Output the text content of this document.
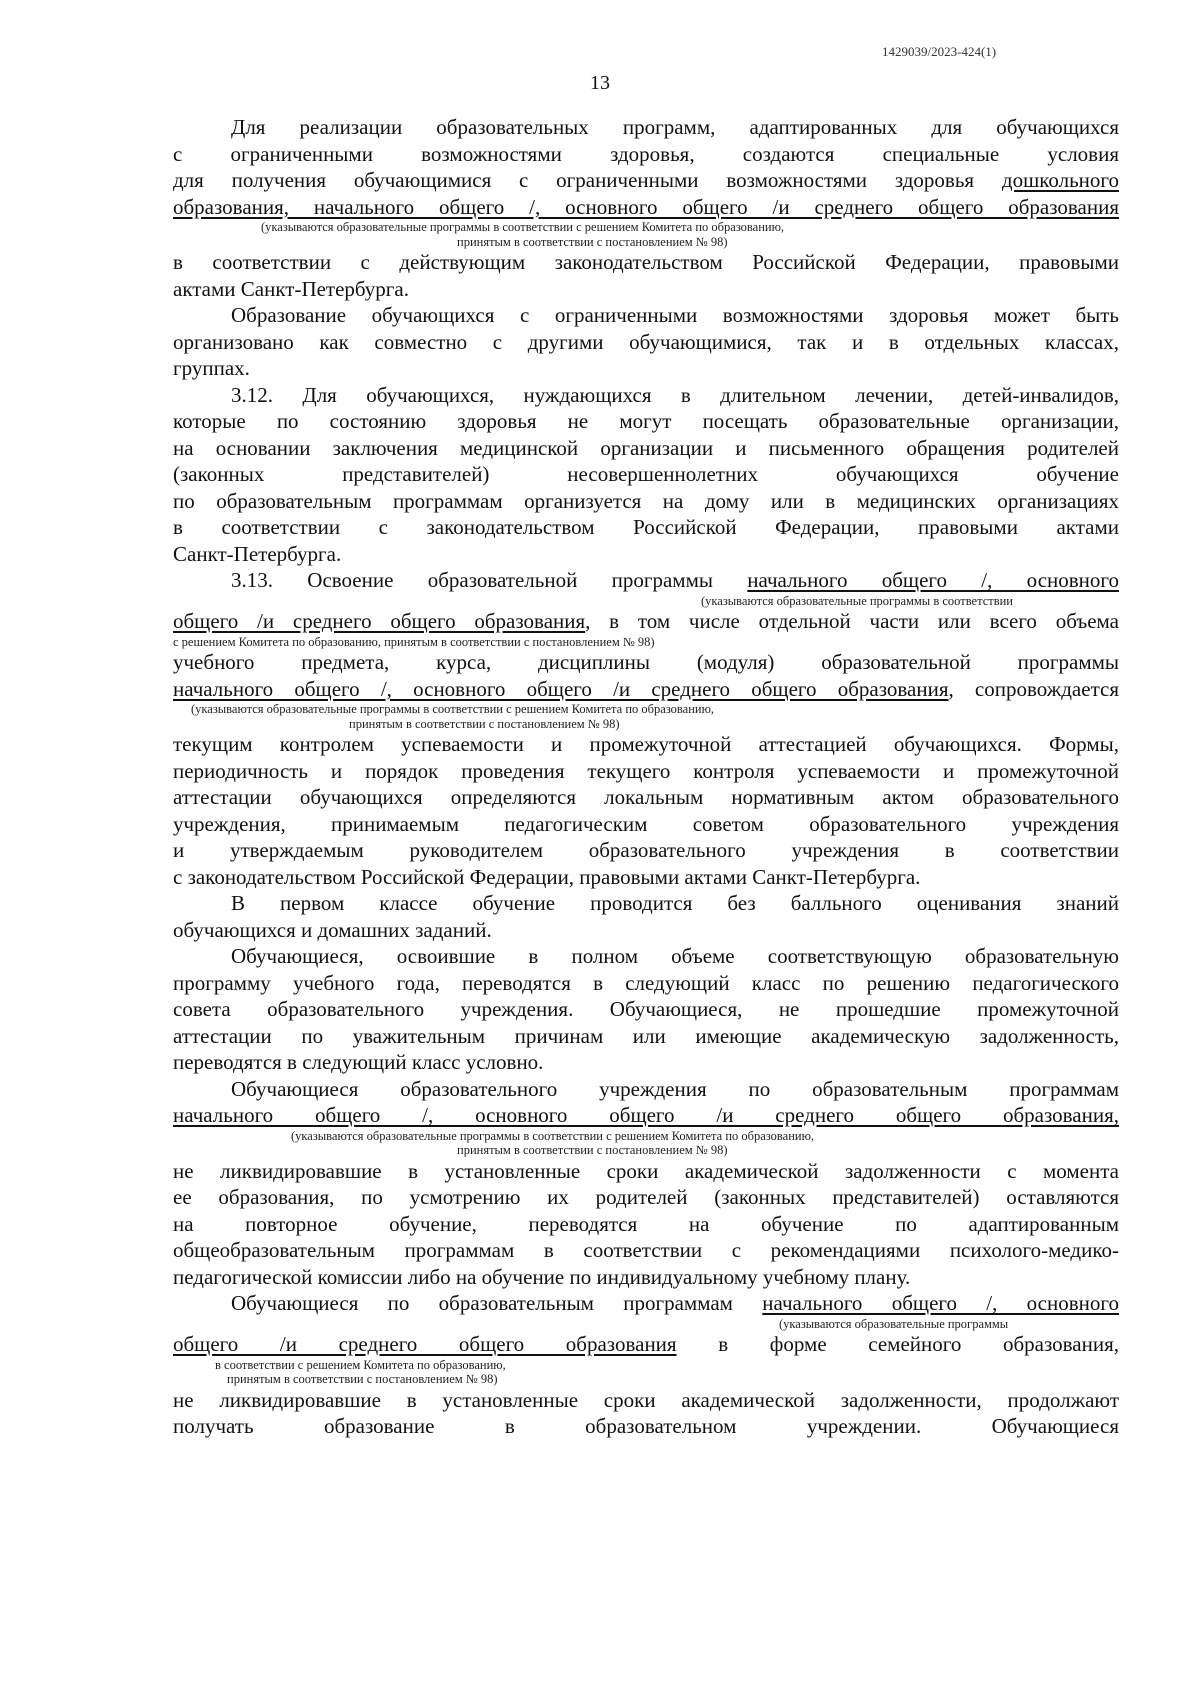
1429039/2023-424(1)
13
Для реализации образовательных программ, адаптированных для обучающихся
с ограниченными возможностями здоровья, создаются специальные условия
для получения обучающимися с ограниченными возможностями здоровья дошкольного
образования, начального общего /, основного общего /и среднего общего образования
(указываются образовательные программы в соответствии с решением Комитета по образованию,
принятым в соответствии с постановлением № 98)
в соответствии с действующим законодательством Российской Федерации, правовыми
актами Санкт-Петербурга.
Образование обучающихся с ограниченными возможностями здоровья может быть
организовано как совместно с другими обучающимися, так и в отдельных классах,
группах.
3.12. Для обучающихся, нуждающихся в длительном лечении, детей-инвалидов,
которые по состоянию здоровья не могут посещать образовательные организации,
на основании заключения медицинской организации и письменного обращения родителей
(законных представителей) несовершеннолетних обучающихся обучение
по образовательным программам организуется на дому или в медицинских организациях
в соответствии с законодательством Российской Федерации, правовыми актами
Санкт-Петербурга.
3.13. Освоение образовательной программы начального общего /, основного
(указываются образовательные программы в соответствии
общего /и среднего общего образования, в том числе отдельной части или всего объема
с решением Комитета по образованию, принятым в соответствии с постановлением № 98)
учебного предмета, курса, дисциплины (модуля) образовательной программы
начального общего /, основного общего /и среднего общего образования, сопровождается
(указываются образовательные программы в соответствии с решением Комитета по образованию,
принятым в соответствии с постановлением № 98)
текущим контролем успеваемости и промежуточной аттестацией обучающихся. Формы,
периодичность и порядок проведения текущего контроля успеваемости и промежуточной
аттестации обучающихся определяются локальным нормативным актом образовательного
учреждения, принимаемым педагогическим советом образовательного учреждения
и утверждаемым руководителем образовательного учреждения в соответствии
с законодательством Российской Федерации, правовыми актами Санкт-Петербурга.
В первом классе обучение проводится без балльного оценивания знаний
обучающихся и домашних заданий.
Обучающиеся, освоившие в полном объеме соответствующую образовательную
программу учебного года, переводятся в следующий класс по решению педагогического
совета образовательного учреждения. Обучающиеся, не прошедшие промежуточной
аттестации по уважительным причинам или имеющие академическую задолженность,
переводятся в следующий класс условно.
Обучающиеся образовательного учреждения по образовательным программам
начального общего /, основного общего /и среднего общего образования,
(указываются образовательные программы в соответствии с решением Комитета по образованию,
принятым в соответствии с постановлением № 98)
не ликвидировавшие в установленные сроки академической задолженности с момента
ее образования, по усмотрению их родителей (законных представителей) оставляются
на повторное обучение, переводятся на обучение по адаптированным
общеобразовательным программам в соответствии с рекомендациями психолого-медико-
педагогической комиссии либо на обучение по индивидуальному учебному плану.
Обучающиеся по образовательным программам начального общего /, основного
(указываются образовательные программы
общего /и среднего общего образования в форме семейного образования,
в соответствии с решением Комитета по образованию,
принятым в соответствии с постановлением № 98)
не ликвидировавшие в установленные сроки академической задолженности, продолжают
получать образование в образовательном учреждении. Обучающиеся
